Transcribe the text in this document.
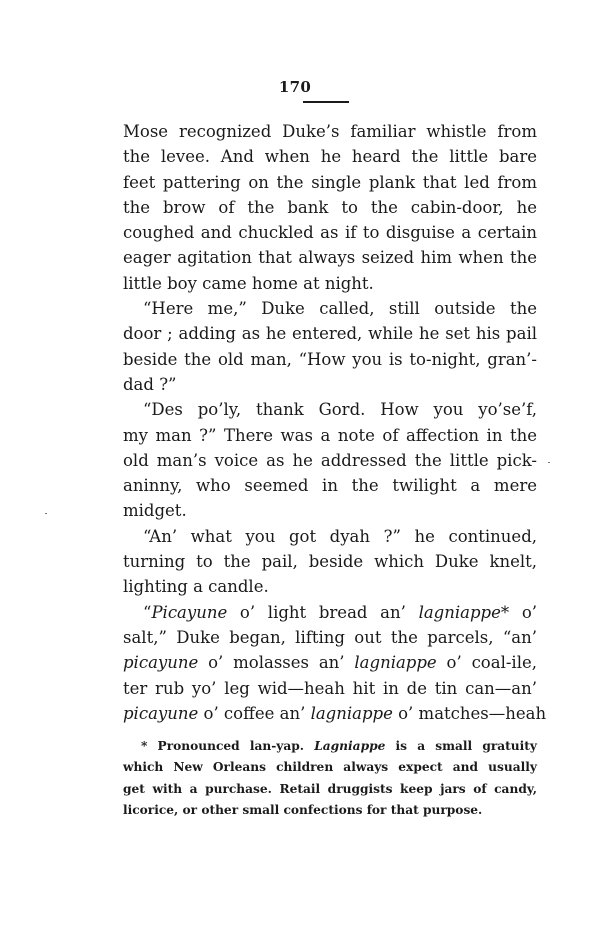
170
Mose recognized Duke’s familiar whistle from
the levee. And when he heard the little bare
feet pattering on the single plank that led from
the brow of the bank to the cabin-door, he
coughed and chuckled as if to disguise a certain
eager agitation that always seized him when the
little boy came home at night.
“Here me,” Duke called, still outside the
door ; adding as he entered, while he set his pail
beside the old man, “How you is to-night, gran’-
dad ?”
“Des po’ly, thank Gord. How you yo’se’f,
my man ?” There was a note of affection in the
old man’s voice as he addressed the little pick-
aninny, who seemed in the twilight a mere
midget.
“An’ what you got dyah ?” he continued,
turning to the pail, beside which Duke knelt,
lighting a candle.
“Picayune o’ light bread an’ lagniappe* o’
salt,” Duke began, lifting out the parcels, “an’
picayune o’ molasses an’ lagniappe o’ coal-ile,
ter rub yo’ leg wid—heah hit in de tin can—an’
picayune o’ coffee an’ lagniappe o’ matches—heah
* Pronounced lan-yap. Lagniappe is a small gratuity
which New Orleans children always expect and usually
get with a purchase. Retail druggists keep jars of candy,
licorice, or other small confections for that purpose.
